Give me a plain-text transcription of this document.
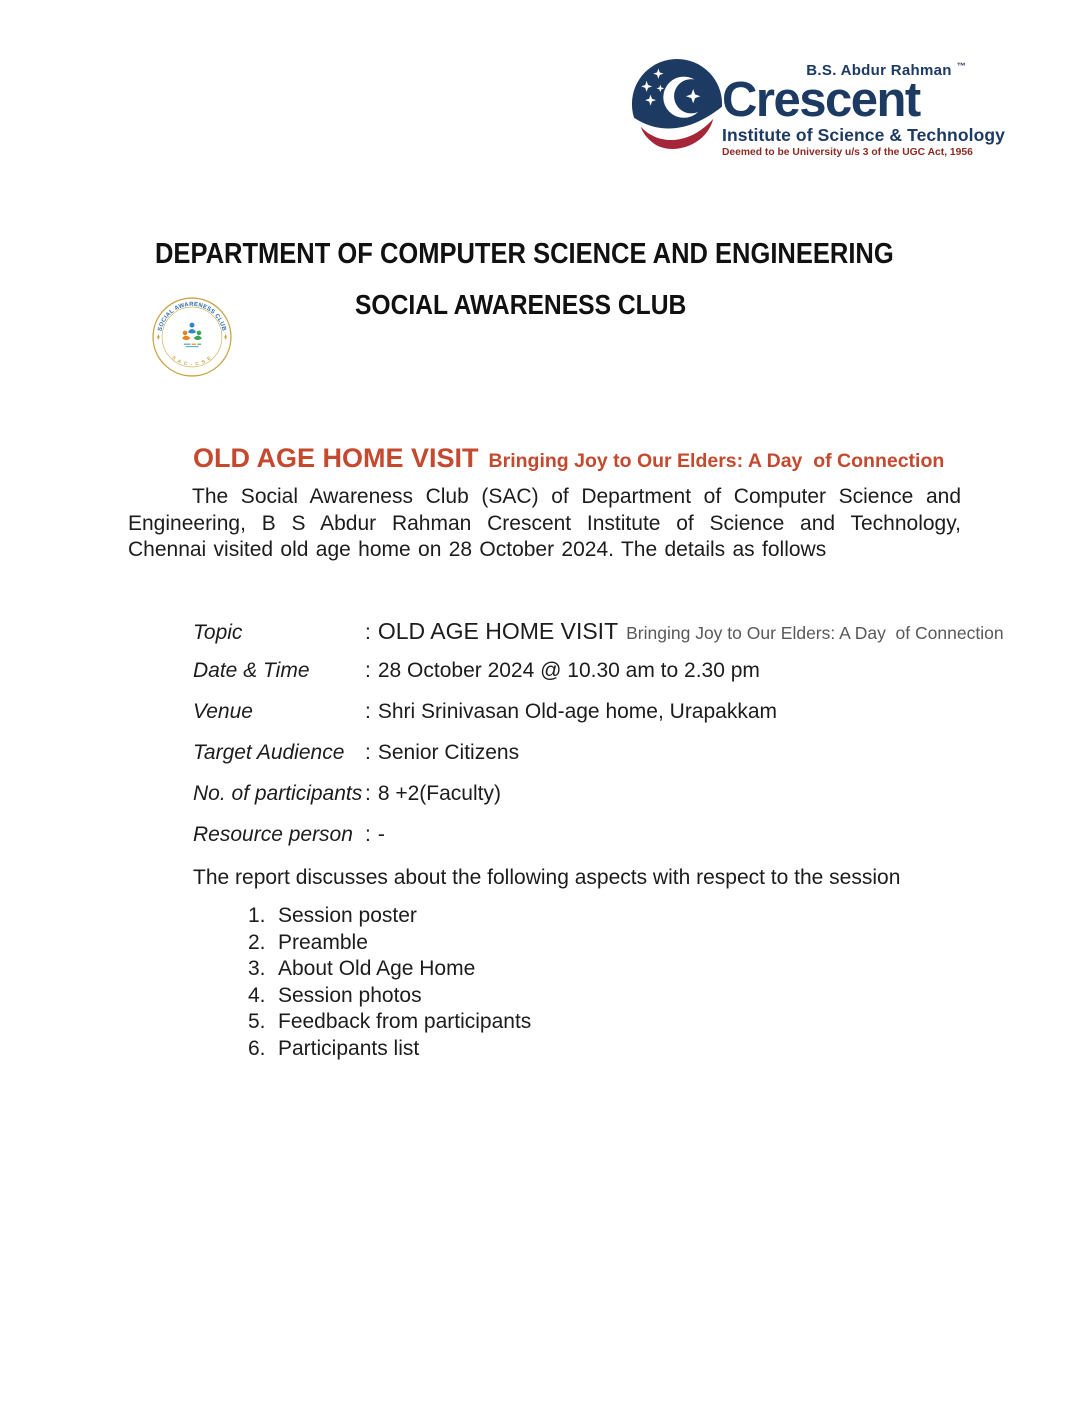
B.S. Abdur Rahman ™
Crescent
Institute of Science & Technology
Deemed to be University u/s 3 of the UGC Act, 1956
DEPARTMENT OF COMPUTER SCIENCE AND ENGINEERING
SOCIAL AWARENESS CLUB
SOCIAL AWARENESS CLUB
S A C - C S E
OLD AGE HOME VISIT Bringing Joy to Our Elders: A Day  of Connection

The Social Awareness Club (SAC) of Department of Computer Science and Engineering, B S Abdur Rahman Crescent Institute of Science and Technology, Chennai visited old age home on 28 October 2024. The details as follows

Topic	: OLD AGE HOME VISIT Bringing Joy to Our Elders: A Day  of Connection
Date & Time	: 28 October 2024 @ 10.30 am to 2.30 pm
Venue	: Shri Srinivasan Old-age home, Urapakkam
Target Audience : Senior Citizens
No. of participants : 8 +2(Faculty)
Resource person : -

The report discusses about the following aspects with respect to the session

1. Session poster
2. Preamble
3. About Old Age Home
4. Session photos
5. Feedback from participants
6. Participants list
